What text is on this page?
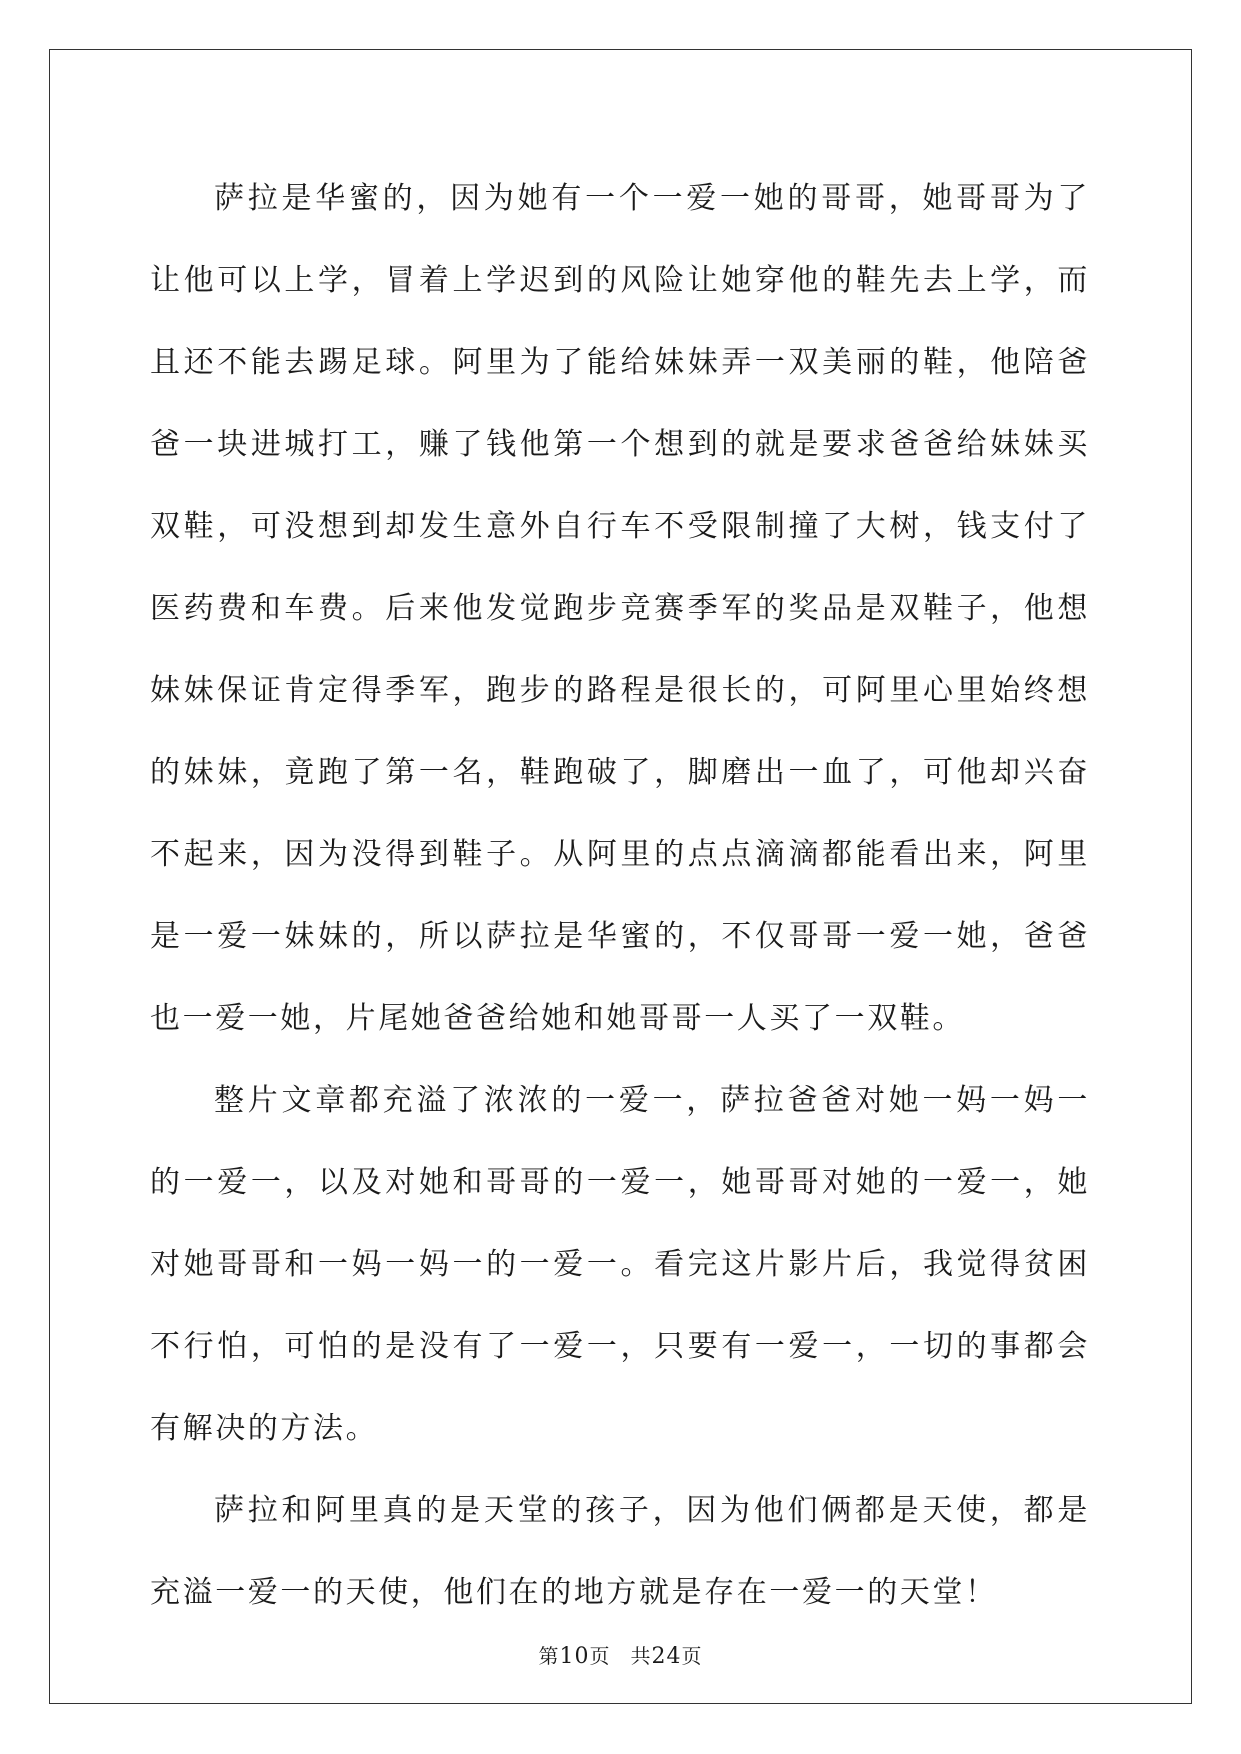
萨拉是华蜜的，因为她有一个一爱一她的哥哥，她哥哥为了让他可以上学，冒着上学迟到的风险让她穿他的鞋先去上学，而且还不能去踢足球。阿里为了能给妹妹弄一双美丽的鞋，他陪爸爸一块进城打工，赚了钱他第一个想到的就是要求爸爸给妹妹买双鞋，可没想到却发生意外自行车不受限制撞了大树，钱支付了医药费和车费。后来他发觉跑步竞赛季军的奖品是双鞋子，他想妹妹保证肯定得季军，跑步的路程是很长的，可阿里心里始终想的妹妹，竟跑了第一名，鞋跑破了，脚磨出一血了，可他却兴奋不起来，因为没得到鞋子。从阿里的点点滴滴都能看出来，阿里是一爱一妹妹的，所以萨拉是华蜜的，不仅哥哥一爱一她，爸爸也一爱一她，片尾她爸爸给她和她哥哥一人买了一双鞋。

整片文章都充溢了浓浓的一爱一，萨拉爸爸对她一妈一妈一的一爱一，以及对她和哥哥的一爱一，她哥哥对她的一爱一，她对她哥哥和一妈一妈一的一爱一。看完这片影片后，我觉得贫困不行怕，可怕的是没有了一爱一，只要有一爱一，一切的事都会有解决的方法。

萨拉和阿里真的是天堂的孩子，因为他们俩都是天使，都是充溢一爱一的天使，他们在的地方就是存在一爱一的天堂！

第10页 共24页
